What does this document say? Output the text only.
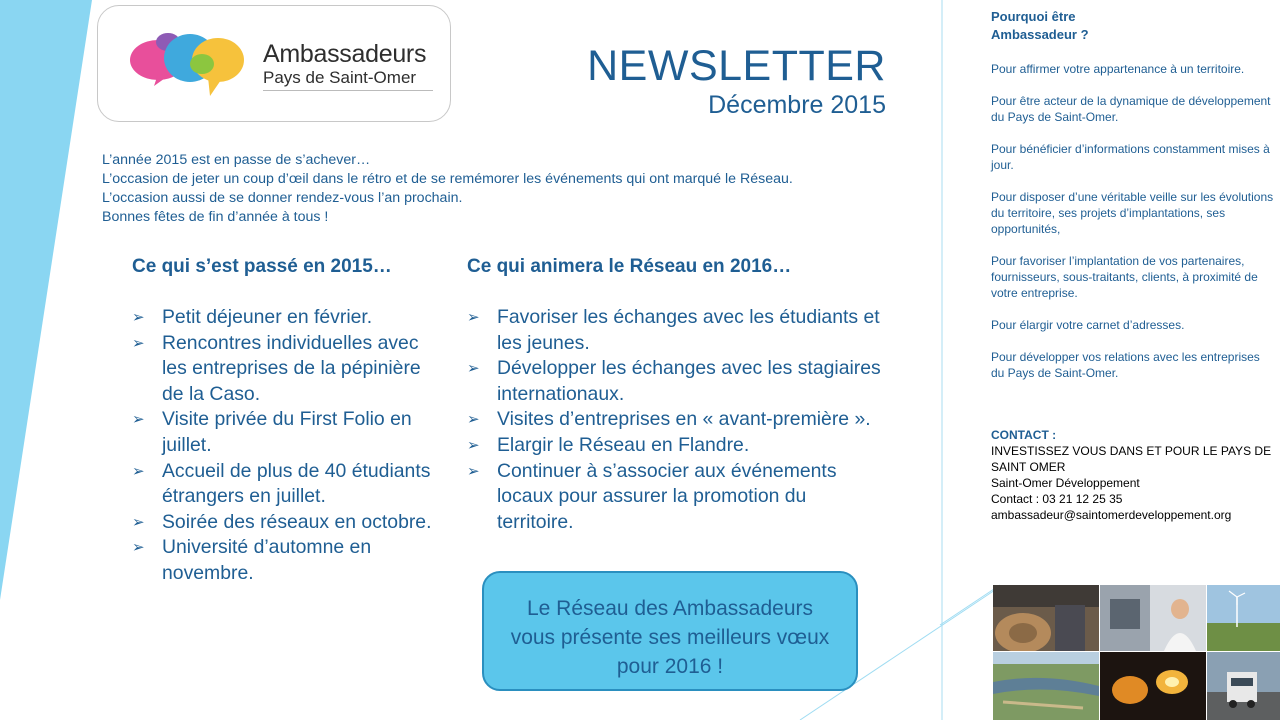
Ambassadeurs
Pays de Saint-Omer	NEWSLETTER
Décembre 2015
L’année 2015 est en passe de s’achever…
L’occasion de jeter un coup d’œil dans le rétro et de se remémorer les événements qui ont marqué le Réseau.
L’occasion aussi de se donner rendez-vous l’an prochain.
Bonnes fêtes de fin d’année à tous !
Ce qui s’est passé en 2015…
➢ Petit déjeuner en février.
➢ Rencontres individuelles avec les entreprises de la pépinière de la Caso.
➢ Visite privée du First Folio en juillet.
➢ Accueil de plus de 40 étudiants étrangers en juillet.
➢ Soirée des réseaux en octobre.
➢ Université d’automne en novembre.
Ce qui animera le Réseau en 2016…
➢ Favoriser les échanges avec les étudiants et les jeunes.
➢ Développer les échanges avec les stagiaires internationaux.
➢ Visites d’entreprises en « avant-première ».
➢ Elargir le Réseau en Flandre.
➢ Continuer à s’associer aux événements locaux pour assurer la promotion du territoire.
Le Réseau des Ambassadeurs
vous présente ses meilleurs vœux
pour 2016 !
Pourquoi être
Ambassadeur ?

Pour affirmer votre appartenance à un territoire.

Pour être acteur de la dynamique de développement du Pays de Saint-Omer.

Pour bénéficier d’informations constamment mises à jour.

Pour disposer d’une véritable veille sur les évolutions du territoire, ses projets d’implantations, ses opportunités,

Pour favoriser l’implantation de vos partenaires, fournisseurs, sous-traitants, clients, à proximité de votre entreprise.

Pour élargir votre carnet d’adresses.

Pour développer vos relations avec les entreprises du Pays de Saint-Omer.

CONTACT :
INVESTISSEZ VOUS DANS ET POUR LE PAYS DE SAINT OMER
Saint-Omer Développement
Contact : 03 21 12 25 35
ambassadeur@saintomerdeveloppement.org
